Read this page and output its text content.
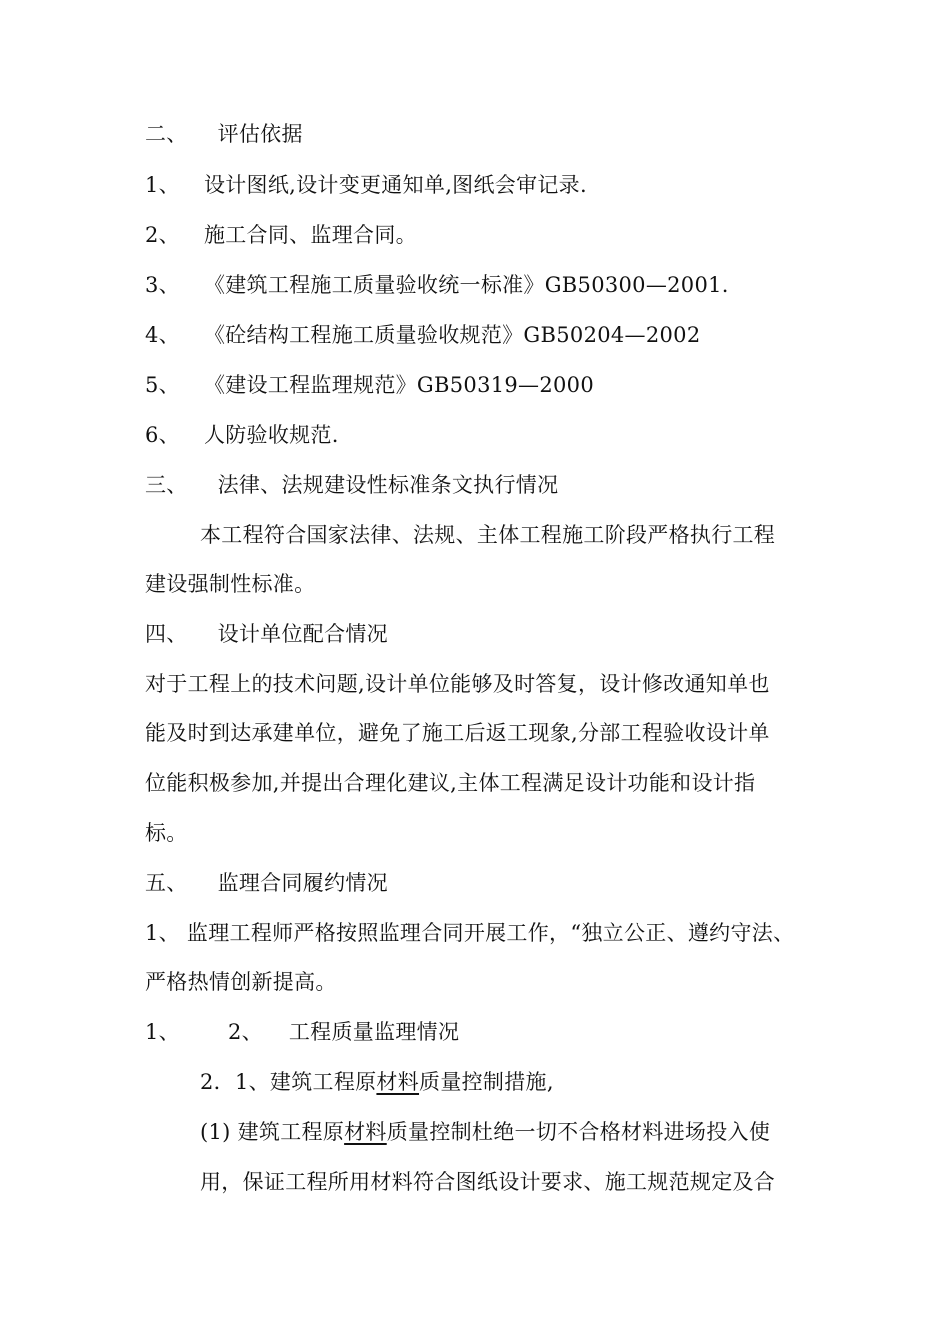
二、 评估依据
1、 设计图纸,设计变更通知单,图纸会审记录.
2、 施工合同、监理合同。
3、 《建筑工程施工质量验收统一标准》GB50300—2001.
4、 《砼结构工程施工质量验收规范》GB50204—2002
5、 《建设工程监理规范》GB50319—2000
6、 人防验收规范.
三、 法律、法规建设性标准条文执行情况
本工程符合国家法律、法规、主体工程施工阶段严格执行工程
建设强制性标准。
四、 设计单位配合情况
对于工程上的技术问题,设计单位能够及时答复，设计修改通知单也
能及时到达承建单位，避免了施工后返工现象,分部工程验收设计单
位能积极参加,并提出合理化建议,主体工程满足设计功能和设计指
标。
五、 监理合同履约情况
1、 监理工程师严格按照监理合同开展工作，“独立公正、遵约守法、
严格热情创新提高。
1、 2、 工程质量监理情况
2．1、建筑工程原材料质量控制措施,
(1) 建筑工程原材料质量控制杜绝一切不合格材料进场投入使
用，保证工程所用材料符合图纸设计要求、施工规范规定及合
